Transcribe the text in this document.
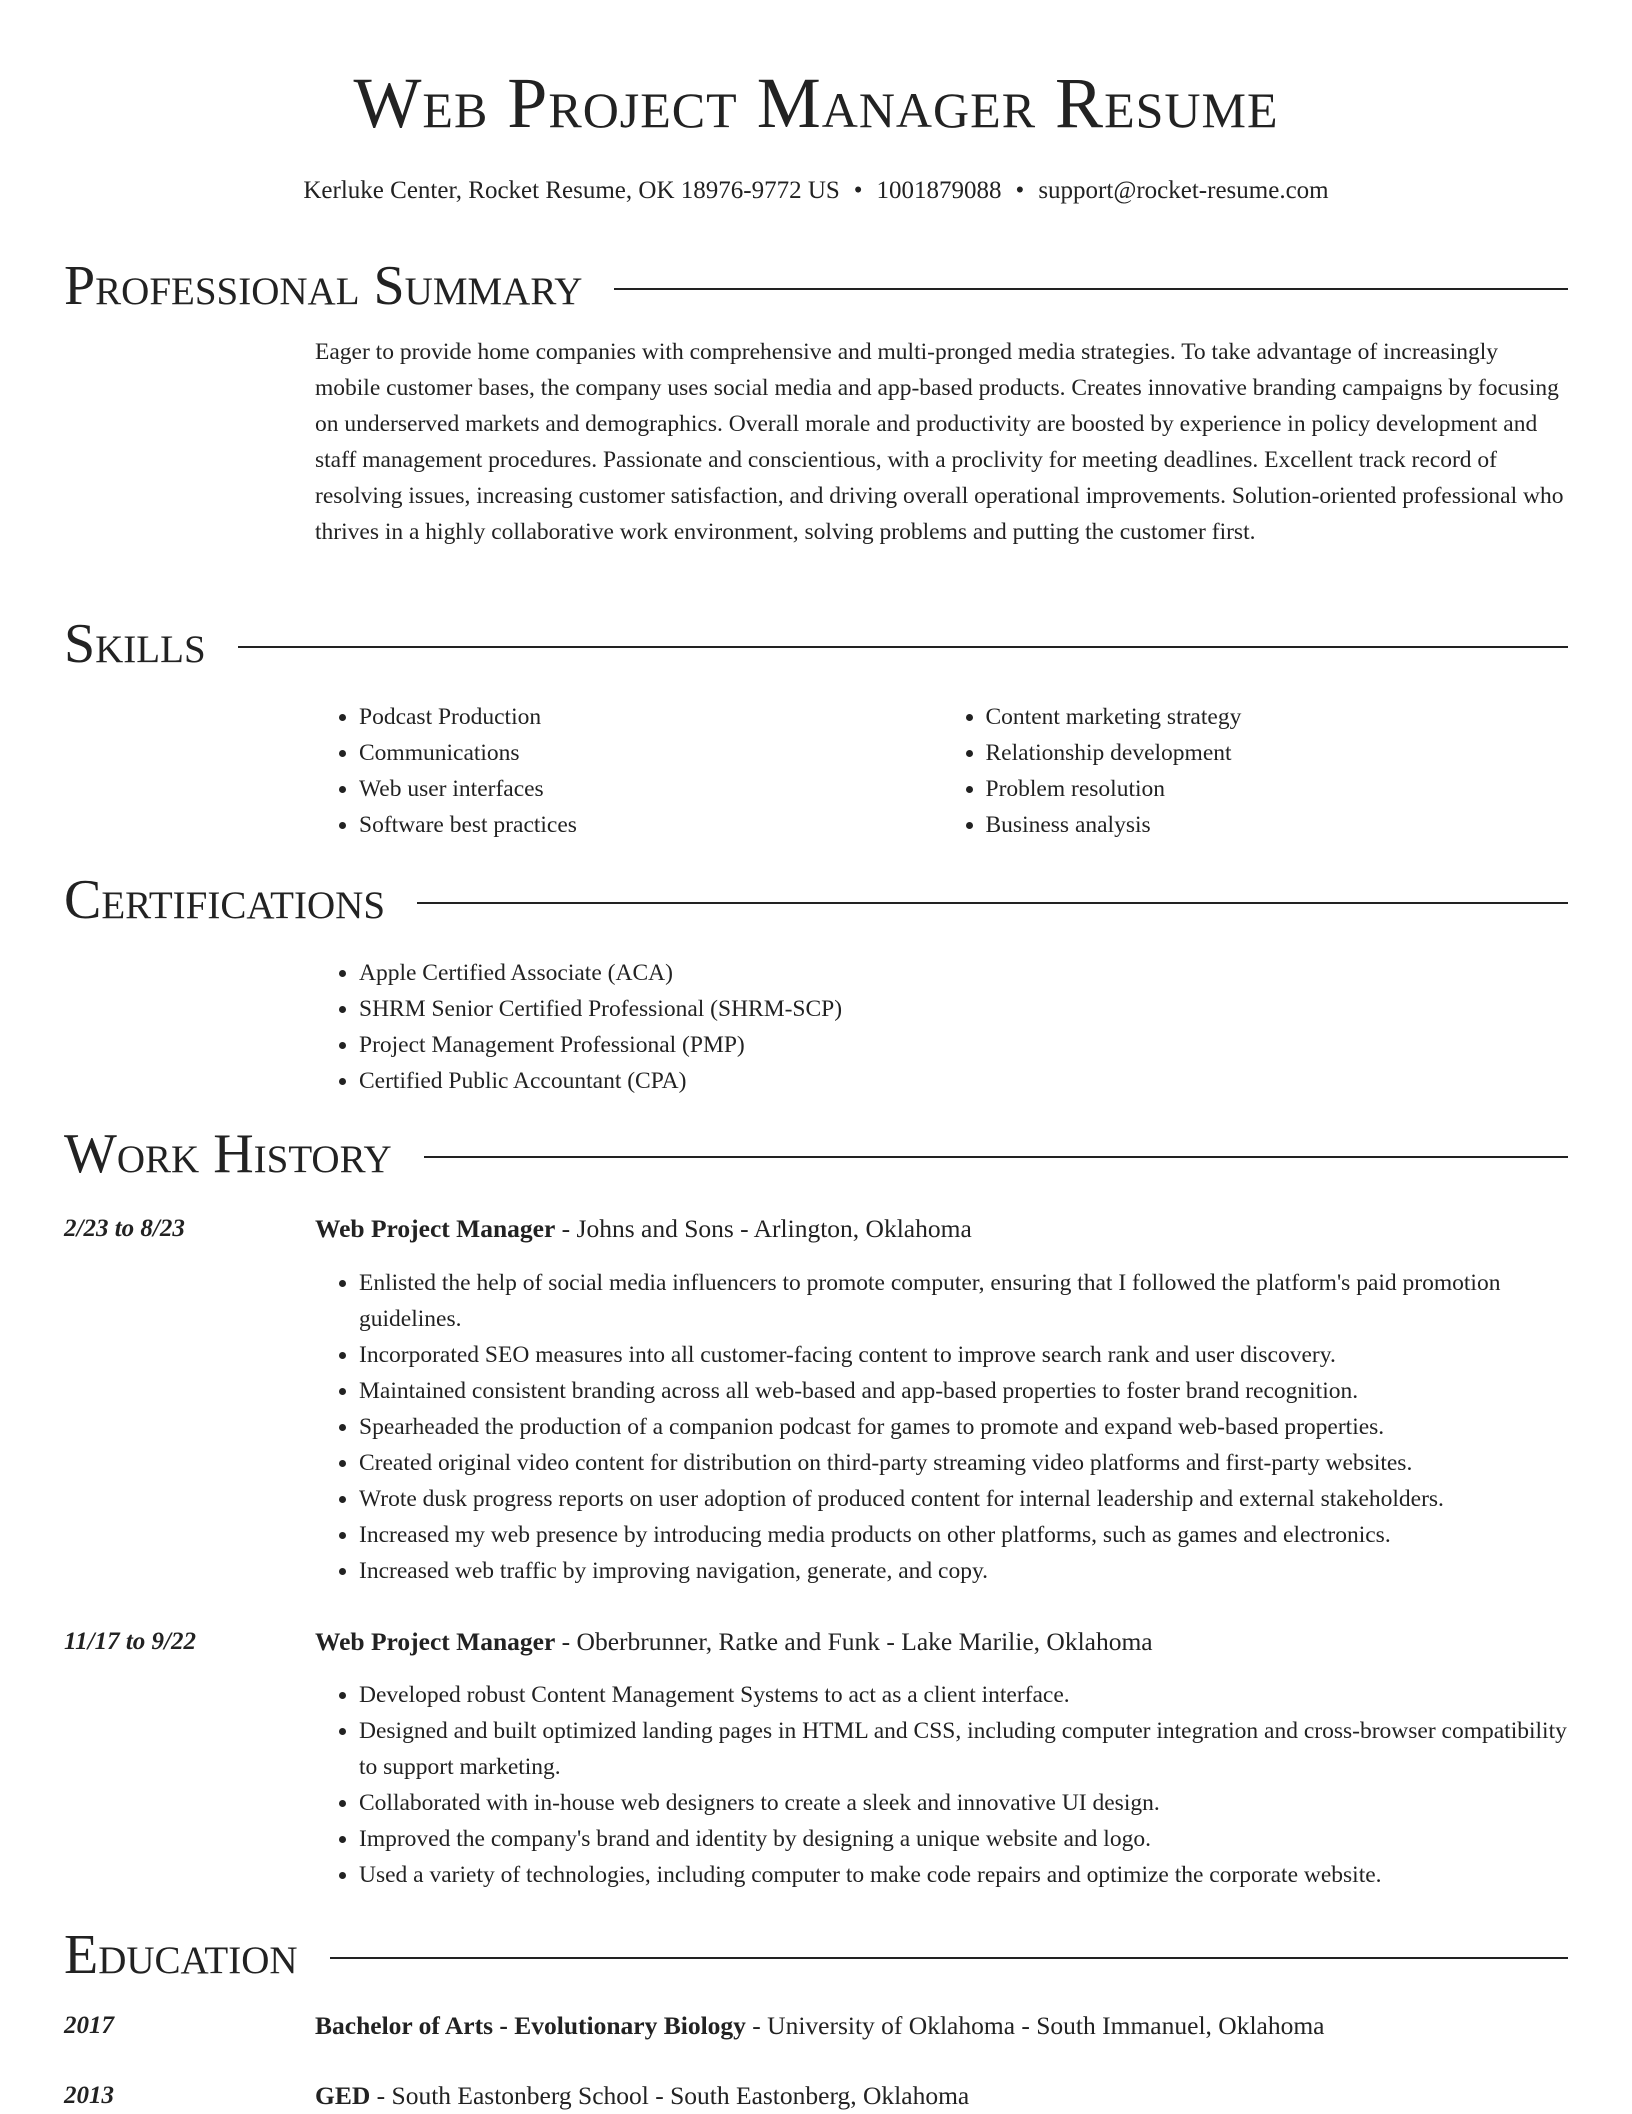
Web Project Manager Resume
Kerluke Center, Rocket Resume, OK 18976-9772 US • 1001879088 • support@rocket-resume.com
Professional Summary

Eager to provide home companies with comprehensive and multi-pronged media strategies. To take advantage of increasingly mobile customer bases, the company uses social media and app-based products. Creates innovative branding campaigns by focusing on underserved markets and demographics. Overall morale and productivity are boosted by experience in policy development and staff management procedures. Passionate and conscientious, with a proclivity for meeting deadlines. Excellent track record of resolving issues, increasing customer satisfaction, and driving overall operational improvements. Solution-oriented professional who thrives in a highly collaborative work environment, solving problems and putting the customer first.

Skills
• Podcast Production
• Communications
• Web user interfaces
• Software best practices
• Content marketing strategy
• Relationship development
• Problem resolution
• Business analysis
Certifications
• Apple Certified Associate (ACA)
• SHRM Senior Certified Professional (SHRM-SCP)
• Project Management Professional (PMP)
• Certified Public Accountant (CPA)
Work History
2/23 to 8/23	Web Project Manager - Johns and Sons - Arlington, Oklahoma
• Enlisted the help of social media influencers to promote computer, ensuring that I followed the platform's paid promotion guidelines.
• Incorporated SEO measures into all customer-facing content to improve search rank and user discovery.
• Maintained consistent branding across all web-based and app-based properties to foster brand recognition.
• Spearheaded the production of a companion podcast for games to promote and expand web-based properties.
• Created original video content for distribution on third-party streaming video platforms and first-party websites.
• Wrote dusk progress reports on user adoption of produced content for internal leadership and external stakeholders.
• Increased my web presence by introducing media products on other platforms, such as games and electronics.
• Increased web traffic by improving navigation, generate, and copy.
11/17 to 9/22	Web Project Manager - Oberbrunner, Ratke and Funk - Lake Marilie, Oklahoma
• Developed robust Content Management Systems to act as a client interface.
• Designed and built optimized landing pages in HTML and CSS, including computer integration and cross-browser compatibility to support marketing.
• Collaborated with in-house web designers to create a sleek and innovative UI design.
• Improved the company's brand and identity by designing a unique website and logo.
• Used a variety of technologies, including computer to make code repairs and optimize the corporate website.
Education
2017	Bachelor of Arts - Evolutionary Biology - University of Oklahoma - South Immanuel, Oklahoma
2013	GED - South Eastonberg School - South Eastonberg, Oklahoma
